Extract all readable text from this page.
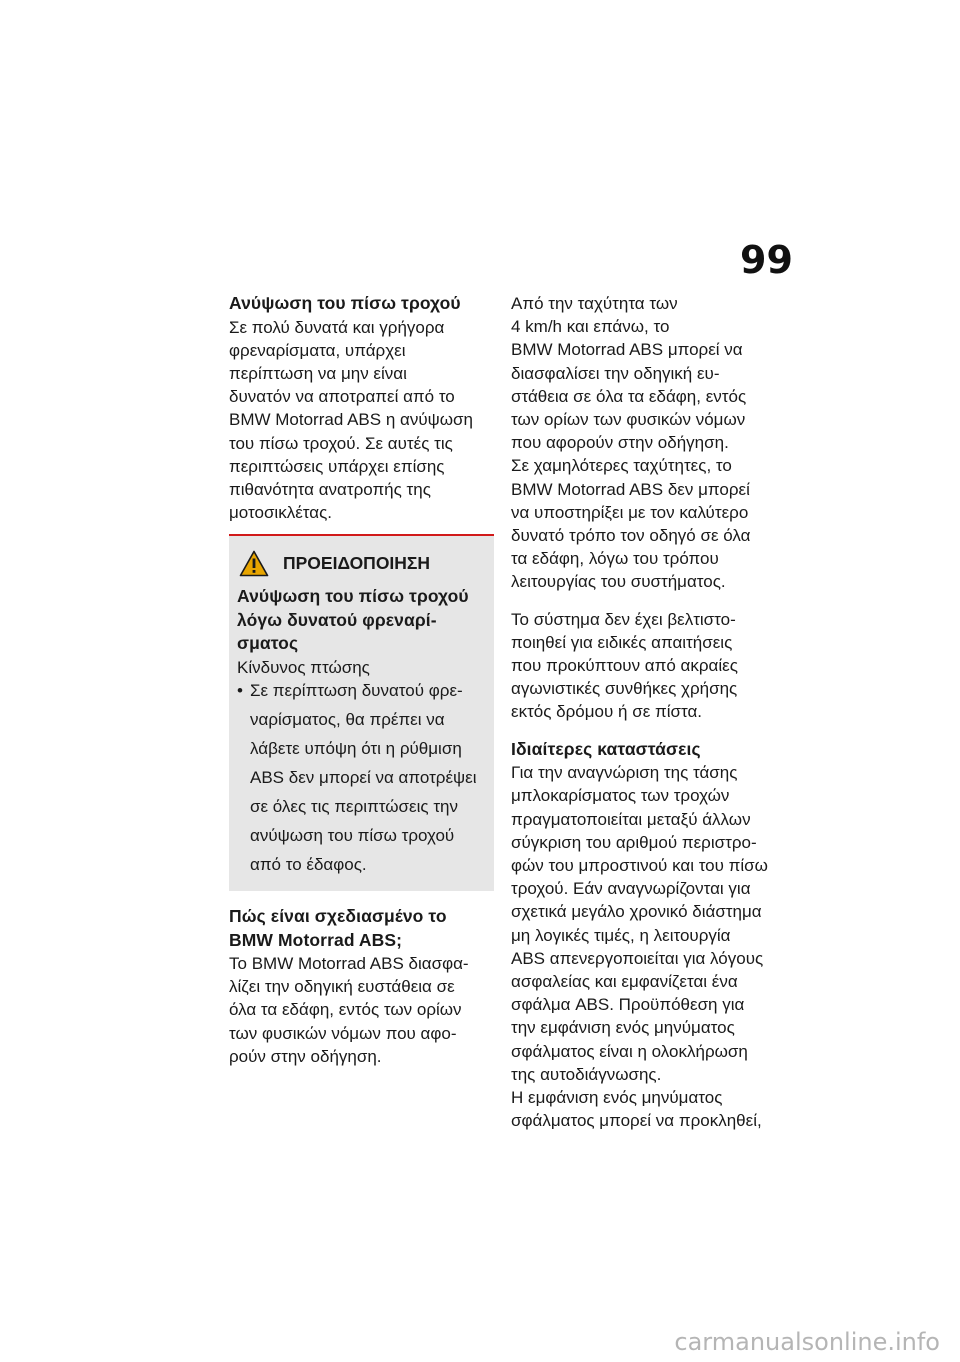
99

Ανύψωση του πίσω τροχού

Σε πολύ δυνατά και γρήγορα
φρεναρίσματα, υπάρχει
περίπτωση να μην είναι
δυνατόν να αποτραπεί από το
BMW Motorrad ABS η ανύψωση
του πίσω τροχού. Σε αυτές τις
περιπτώσεις υπάρχει επίσης
πιθανότητα ανατροπής της
μοτοσικλέτας.

ΠΡΟΕΙΔΟΠΟΙΗΣΗ

Ανύψωση του πίσω τροχού
λόγω δυνατού φρεναρί-
σματος

Κίνδυνος πτώσης

• Σε περίπτωση δυνατού φρε-
ναρίσματος, θα πρέπει να
λάβετε υπόψη ότι η ρύθμιση
ABS δεν μπορεί να αποτρέψει
σε όλες τις περιπτώσεις την
ανύψωση του πίσω τροχού
από το έδαφος.

Πώς είναι σχεδιασμένο το
BMW Motorrad ABS;

Το BMW Motorrad ABS διασφα-
λίζει την οδηγική ευστάθεια σε
όλα τα εδάφη, εντός των ορίων
των φυσικών νόμων που αφο-
ρούν στην οδήγηση.

Από την ταχύτητα των
4 km/h και επάνω, το
BMW Motorrad ABS μπορεί να
διασφαλίσει την οδηγική ευ-
στάθεια σε όλα τα εδάφη, εντός
των ορίων των φυσικών νόμων
που αφορούν στην οδήγηση.
Σε χαμηλότερες ταχύτητες, το
BMW Motorrad ABS δεν μπορεί
να υποστηρίξει με τον καλύτερο
δυνατό τρόπο τον οδηγό σε όλα
τα εδάφη, λόγω του τρόπου
λειτουργίας του συστήματος.

Το σύστημα δεν έχει βελτιστο-
ποιηθεί για ειδικές απαιτήσεις
που προκύπτουν από ακραίες
αγωνιστικές συνθήκες χρήσης
εκτός δρόμου ή σε πίστα.

Ιδιαίτερες καταστάσεις

Για την αναγνώριση της τάσης
μπλοκαρίσματος των τροχών
πραγματοποιείται μεταξύ άλλων
σύγκριση του αριθμού περιστρο-
φών του μπροστινού και του πίσω
τροχού. Εάν αναγνωρίζονται για
σχετικά μεγάλο χρονικό διάστημα
μη λογικές τιμές, η λειτουργία
ABS απενεργοποιείται για λόγους
ασφαλείας και εμφανίζεται ένα
σφάλμα ABS. Προϋπόθεση για
την εμφάνιση ενός μηνύματος
σφάλματος είναι η ολοκλήρωση
της αυτοδιάγνωσης.
Η εμφάνιση ενός μηνύματος
σφάλματος μπορεί να προκληθεί,

carmanualsonline.info
